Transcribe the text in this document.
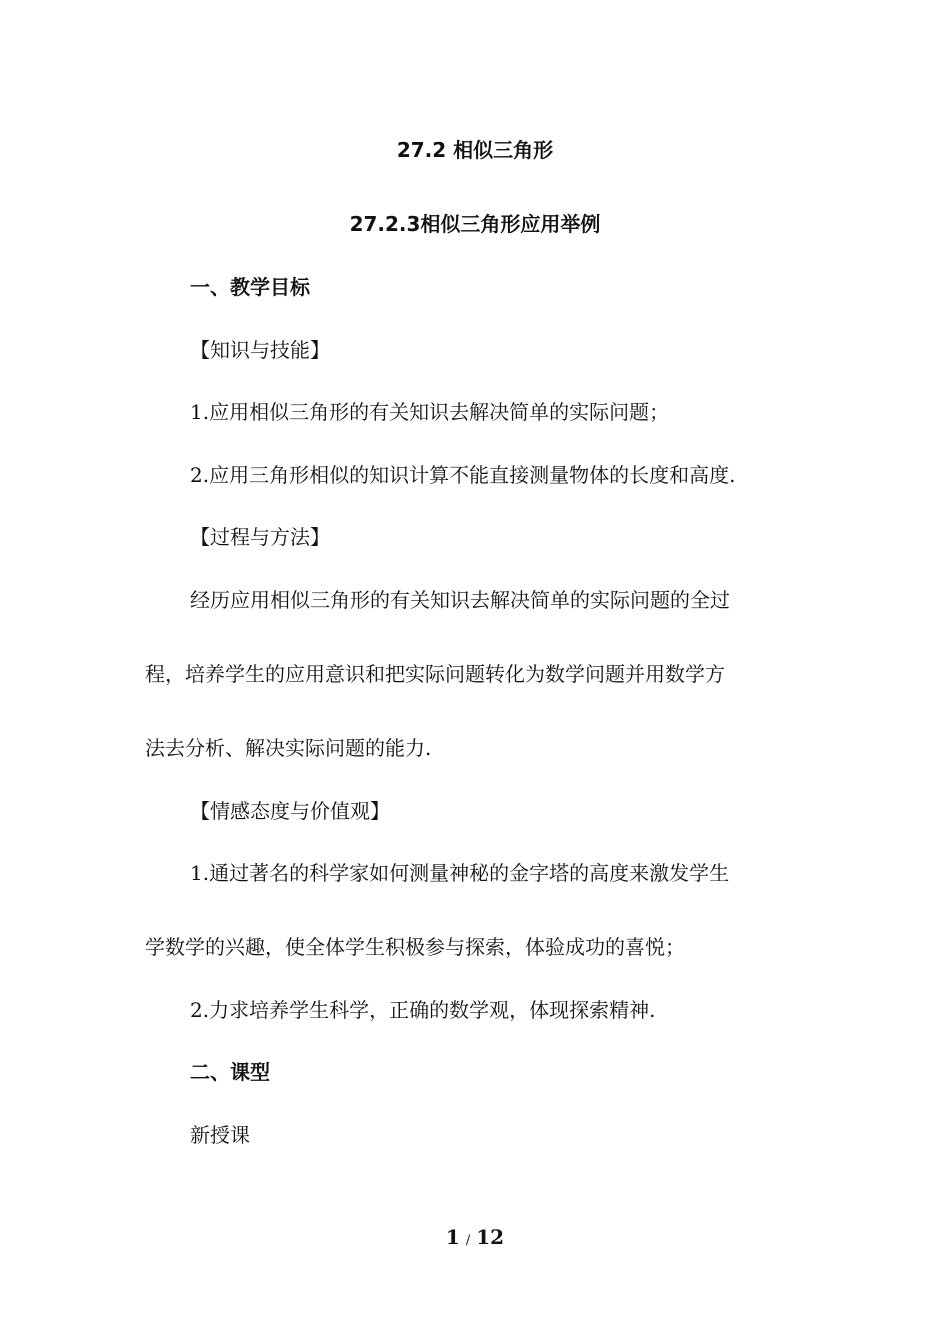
27.2 相似三角形
27.2.3相似三角形应用举例
一、教学目标
【知识与技能】
1.应用相似三角形的有关知识去解决简单的实际问题；
2.应用三角形相似的知识计算不能直接测量物体的长度和高度.
【过程与方法】
经历应用相似三角形的有关知识去解决简单的实际问题的全过
程，培养学生的应用意识和把实际问题转化为数学问题并用数学方
法去分析、解决实际问题的能力.
【情感态度与价值观】
1.通过著名的科学家如何测量神秘的金字塔的高度来激发学生
学数学的兴趣，使全体学生积极参与探索，体验成功的喜悦；
2.力求培养学生科学，正确的数学观，体现探索精神.
二、课型
新授课
1 / 12
